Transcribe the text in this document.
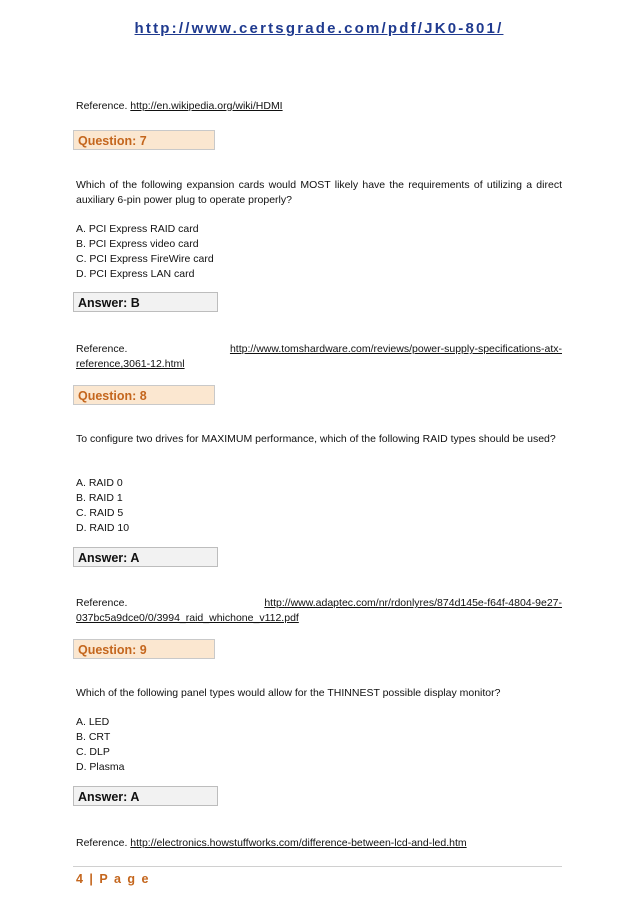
http://www.certsgrade.com/pdf/JK0-801/
Reference. http://en.wikipedia.org/wiki/HDMI
Question: 7
Which of the following expansion cards would MOST likely have the requirements of utilizing a direct auxiliary 6-pin power plug to operate properly?
A. PCI Express RAID card
B. PCI Express video card
C. PCI Express FireWire card
D. PCI Express LAN card
Answer: B
Reference.	http://www.tomshardware.com/reviews/power-supply-specifications-atx-
reference,3061-12.html
Question: 8
To configure two drives for MAXIMUM performance, which of the following RAID types should be used?
A. RAID 0
B. RAID 1
C. RAID 5
D. RAID 10
Answer: A
Reference.	http://www.adaptec.com/nr/rdonlyres/874d145e-f64f-4804-9e27-
037bc5a9dce0/0/3994_raid_whichone_v112.pdf
Question: 9
Which of the following panel types would allow for the THINNEST possible display monitor?
A. LED
B. CRT
C. DLP
D. Plasma
Answer: A
Reference. http://electronics.howstuffworks.com/difference-between-lcd-and-led.htm
4 | P a g e
